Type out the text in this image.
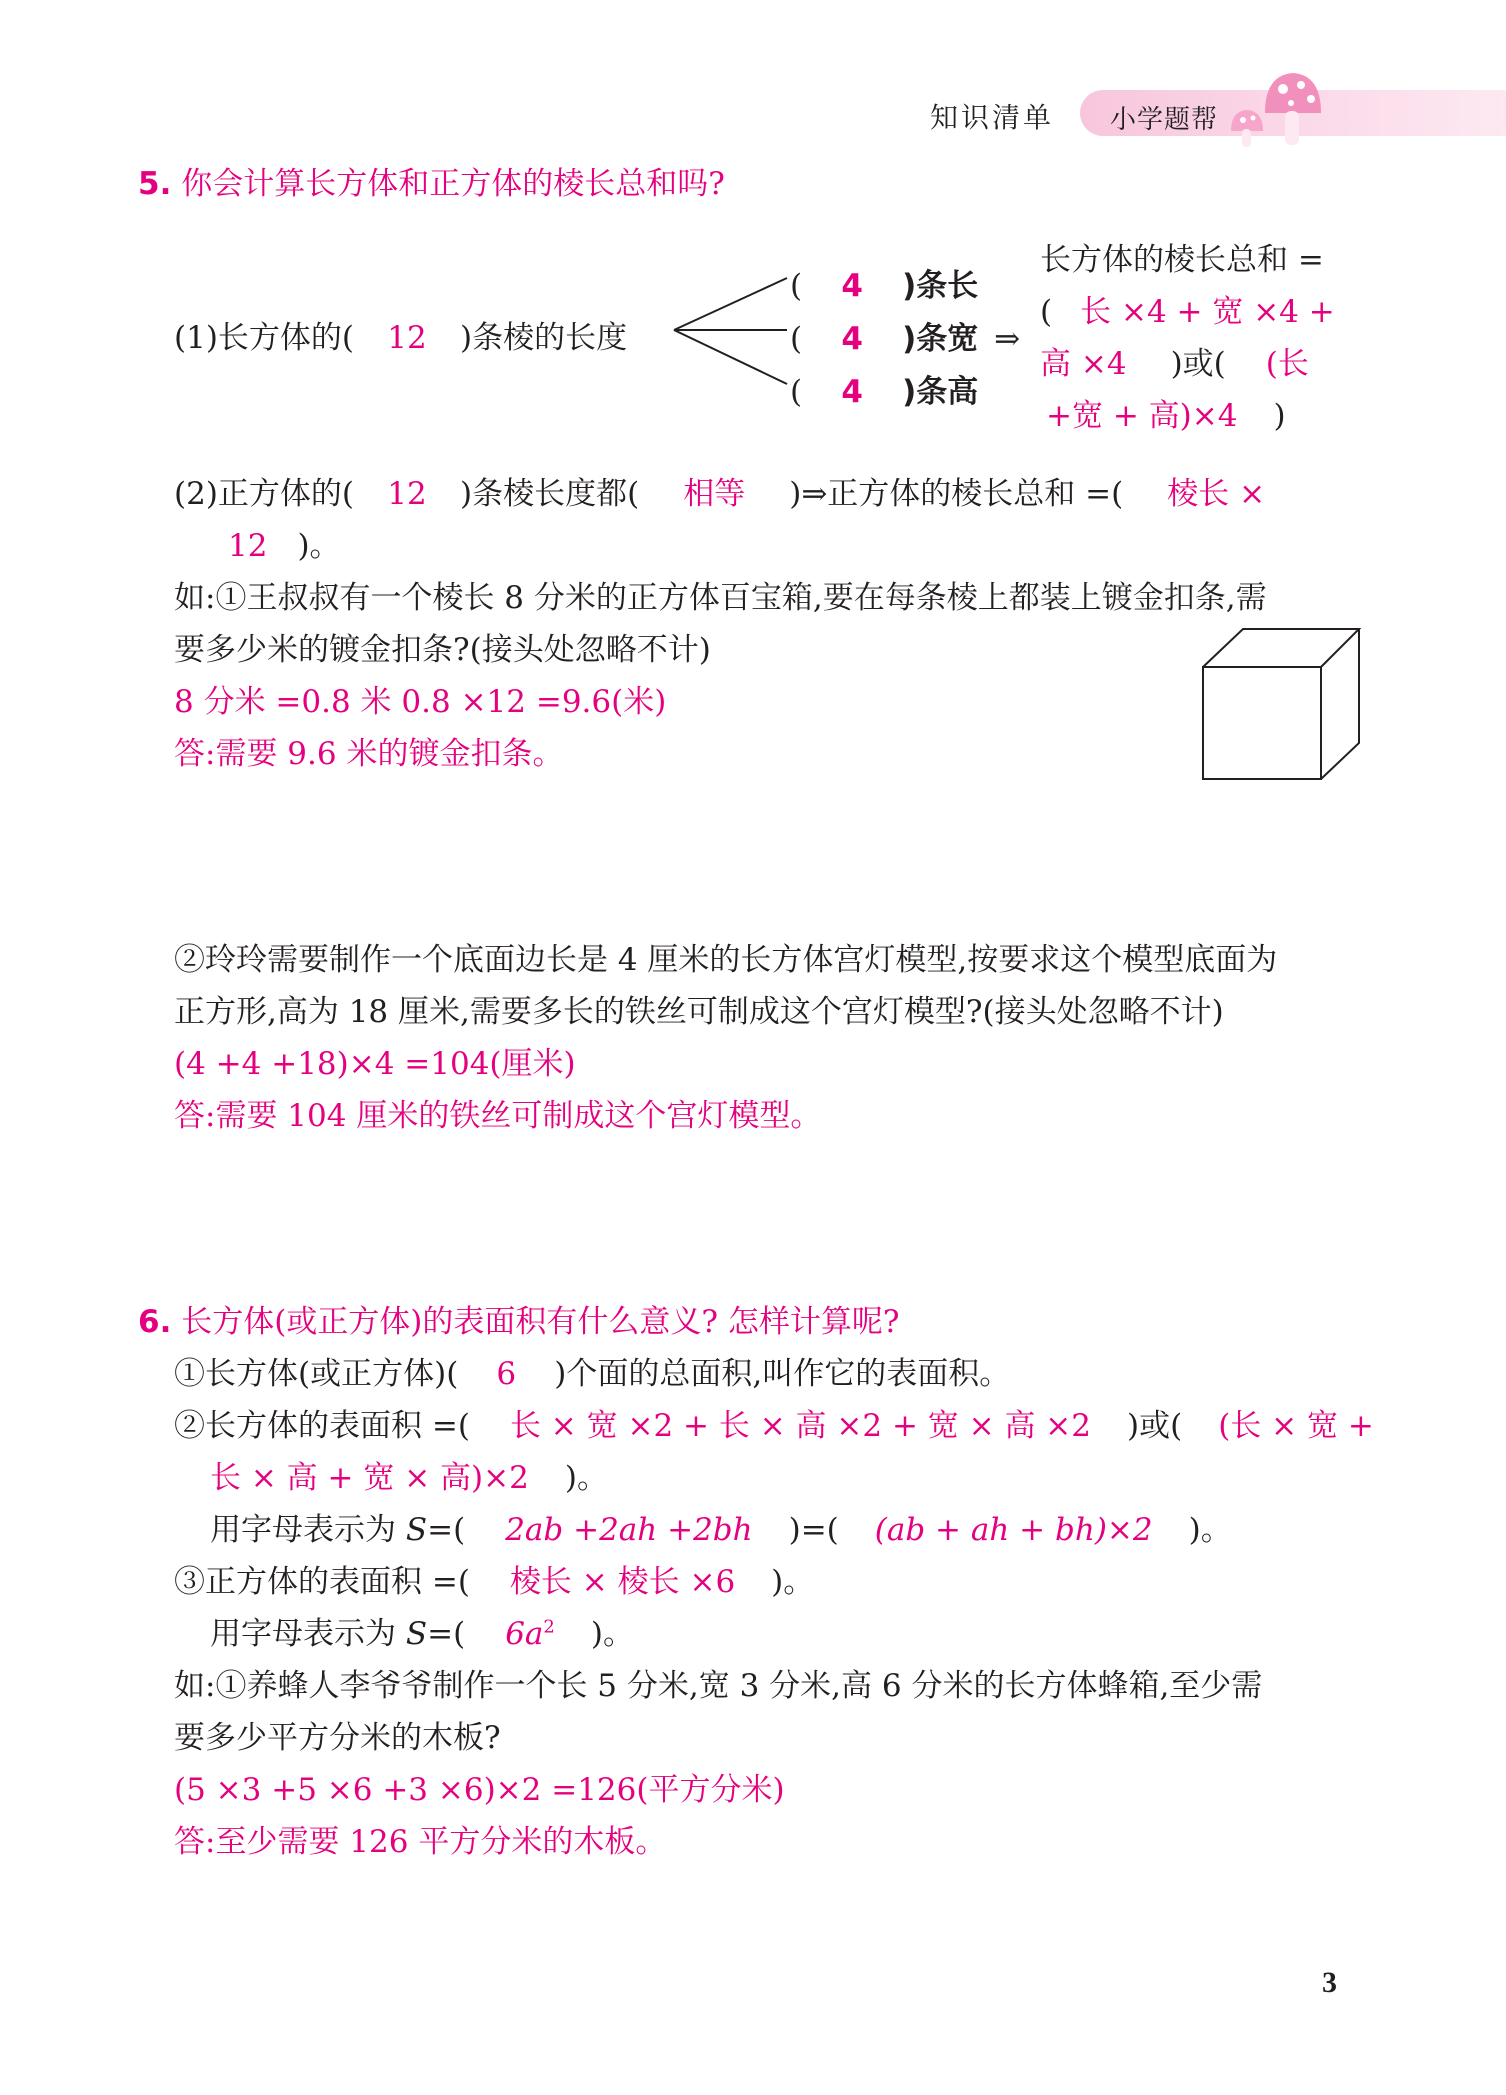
知识清单 小学题帮
5. 你会计算长方体和正方体的棱长总和吗?
(1)长方体的( 12 )条棱的长度
( 4 )条长
( 4 )条宽 ⇒
( 4 )条高
长方体的棱长总和 =
( 长 ×4 + 宽 ×4 +
高 ×4 )或( (长
+宽 + 高)×4 )
(2)正方体的( 12 )条棱长度都( 相等 )⇒正方体的棱长总和 =( 棱长 ×
12 )。
如:①王叔叔有一个棱长 8 分米的正方体百宝箱,要在每条棱上都装上镀金扣条,需
要多少米的镀金扣条?(接头处忽略不计)
8 分米 =0.8 米 0.8 ×12 =9.6(米)
答:需要 9.6 米的镀金扣条。
②玲玲需要制作一个底面边长是 4 厘米的长方体宫灯模型,按要求这个模型底面为
正方形,高为 18 厘米,需要多长的铁丝可制成这个宫灯模型?(接头处忽略不计)
(4 +4 +18)×4 =104(厘米)
答:需要 104 厘米的铁丝可制成这个宫灯模型。
6. 长方体(或正方体)的表面积有什么意义? 怎样计算呢?
①长方体(或正方体)( 6 )个面的总面积,叫作它的表面积。
②长方体的表面积 =( 长 × 宽 ×2 + 长 × 高 ×2 + 宽 × 高 ×2 )或( (长 × 宽 +
长 × 高 + 宽 × 高)×2 )。
用字母表示为 S=( 2ab +2ah +2bh )=( (ab + ah + bh)×2 )。
③正方体的表面积 =( 棱长 × 棱长 ×6 )。
用字母表示为 S=( $6a^2$ )。
如:①养蜂人李爷爷制作一个长 5 分米,宽 3 分米,高 6 分米的长方体蜂箱,至少需
要多少平方分米的木板?
(5 ×3 +5 ×6 +3 ×6)×2 =126(平方分米)
答:至少需要 126 平方分米的木板。
3
